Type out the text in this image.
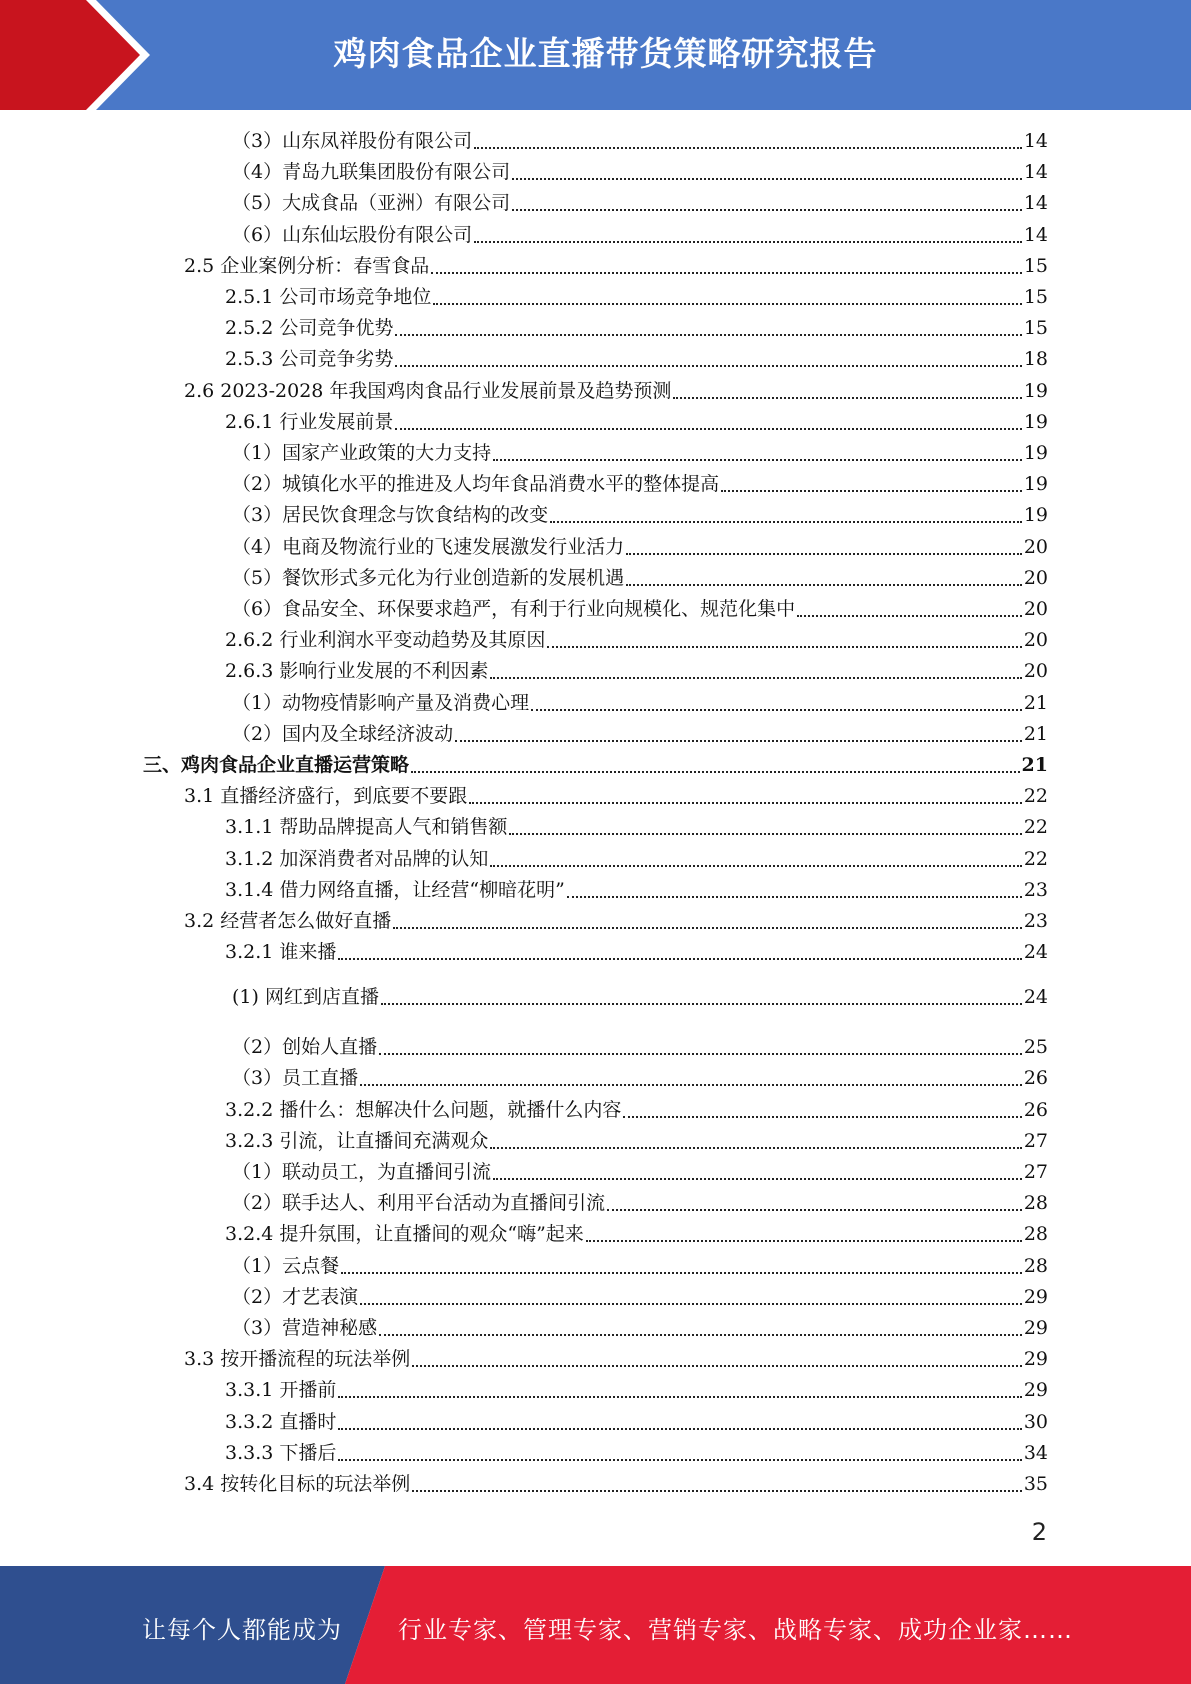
鸡肉食品企业直播带货策略研究报告
（3）山东凤祥股份有限公司	14
（4）青岛九联集团股份有限公司	14
（5）大成食品（亚洲）有限公司	14
（6）山东仙坛股份有限公司	14
2.5 企业案例分析：春雪食品	15
2.5.1 公司市场竞争地位	15
2.5.2 公司竞争优势	15
2.5.3 公司竞争劣势	18
2.6 2023-2028 年我国鸡肉食品行业发展前景及趋势预测	19
2.6.1 行业发展前景	19
（1）国家产业政策的大力支持	19
（2）城镇化水平的推进及人均年食品消费水平的整体提高	19
（3）居民饮食理念与饮食结构的改变	19
（4）电商及物流行业的飞速发展激发行业活力	20
（5）餐饮形式多元化为行业创造新的发展机遇	20
（6）食品安全、环保要求趋严，有利于行业向规模化、规范化集中	20
2.6.2 行业利润水平变动趋势及其原因	20
2.6.3 影响行业发展的不利因素	20
（1）动物疫情影响产量及消费心理	21
（2）国内及全球经济波动	21
三、鸡肉食品企业直播运营策略	21
3.1 直播经济盛行，到底要不要跟	22
3.1.1 帮助品牌提高人气和销售额	22
3.1.2 加深消费者对品牌的认知	22
3.1.4 借力网络直播，让经营“柳暗花明”	23
3.2 经营者怎么做好直播	23
3.2.1 谁来播	24
(1) 网红到店直播	24
（2）创始人直播	25
（3）员工直播	26
3.2.2 播什么：想解决什么问题，就播什么内容	26
3.2.3 引流，让直播间充满观众	27
（1）联动员工，为直播间引流	27
（2）联手达人、利用平台活动为直播间引流	28
3.2.4 提升氛围，让直播间的观众“嗨”起来	28
（1）云点餐	28
（2）才艺表演	29
（3）营造神秘感	29
3.3 按开播流程的玩法举例	29
3.3.1 开播前	29
3.3.2 直播时	30
3.3.3 下播后	34
3.4 按转化目标的玩法举例	35
2
让每个人都能成为 行业专家、管理专家、营销专家、战略专家、成功企业家……
